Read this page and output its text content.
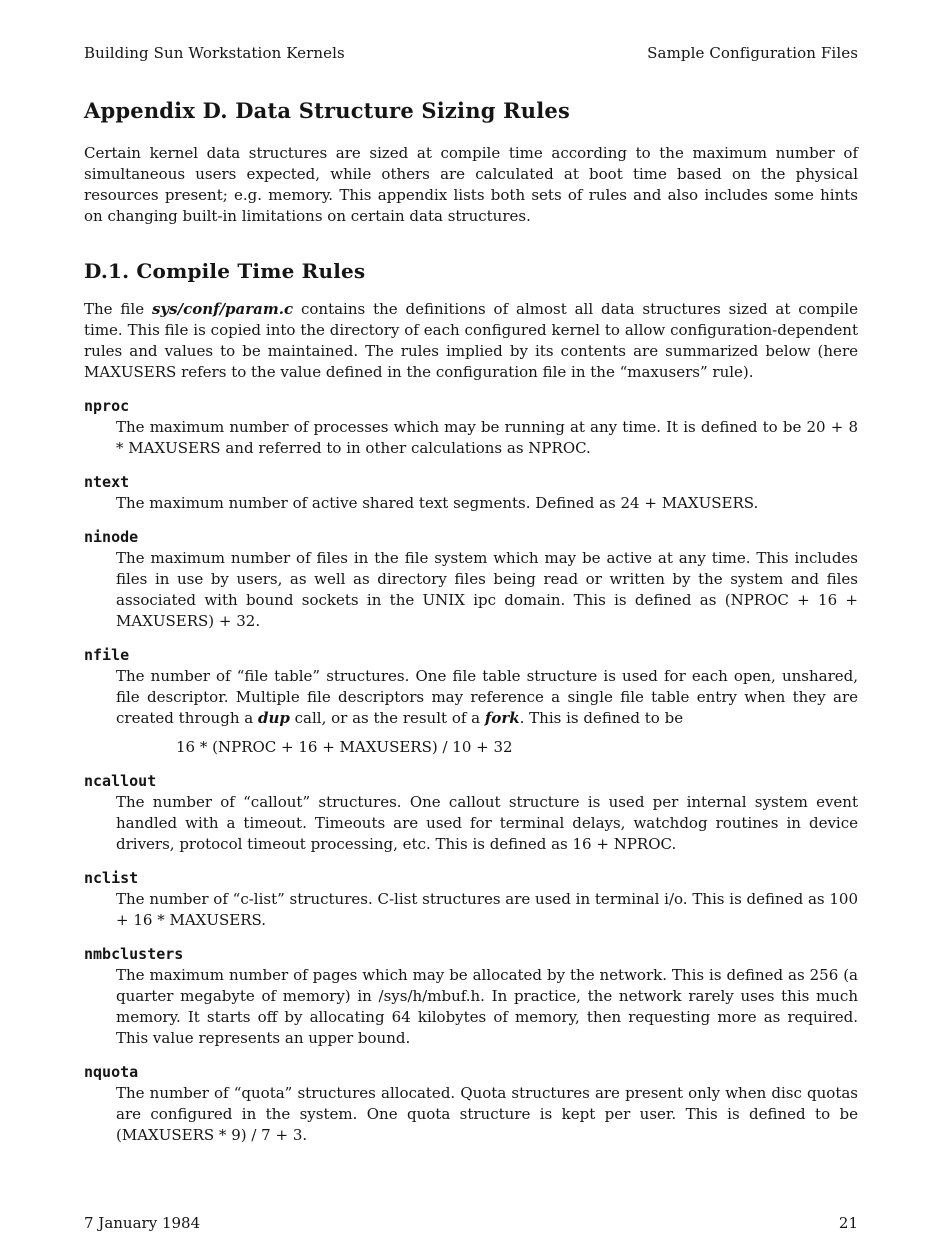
Building Sun Workstation Kernels	Sample Configuration Files
Appendix D. Data Structure Sizing Rules

Certain kernel data structures are sized at compile time according to the maximum number of simultaneous users expected, while others are calculated at boot time based on the physical resources present; e.g. memory. This appendix lists both sets of rules and also includes some hints on changing built-in limitations on certain data structures.

D.1. Compile Time Rules

The file sys/conf/param.c contains the definitions of almost all data structures sized at compile time. This file is copied into the directory of each configured kernel to allow configuration-dependent rules and values to be maintained. The rules implied by its contents are summarized below (here MAXUSERS refers to the value defined in the configuration file in the “maxusers” rule).

nproc

The maximum number of processes which may be running at any time. It is defined to be 20 + 8 * MAXUSERS and referred to in other calculations as NPROC.

ntext

The maximum number of active shared text segments. Defined as 24 + MAXUSERS.

ninode

The maximum number of files in the file system which may be active at any time. This includes files in use by users, as well as directory files being read or written by the system and files associated with bound sockets in the UNIX ipc domain. This is defined as (NPROC + 16 + MAXUSERS) + 32.

nfile

The number of “file table” structures. One file table structure is used for each open, unshared, file descriptor. Multiple file descriptors may reference a single file table entry when they are created through a dup call, or as the result of a fork. This is defined to be

16 * (NPROC + 16 + MAXUSERS) / 10 + 32
ncallout

The number of “callout” structures. One callout structure is used per internal system event handled with a timeout. Timeouts are used for terminal delays, watchdog routines in device drivers, protocol timeout processing, etc. This is defined as 16 + NPROC.

nclist

The number of “c-list” structures. C-list structures are used in terminal i/o. This is defined as 100 + 16 * MAXUSERS.

nmbclusters

The maximum number of pages which may be allocated by the network. This is defined as 256 (a quarter megabyte of memory) in /sys/h/mbuf.h. In practice, the network rarely uses this much memory. It starts off by allocating 64 kilobytes of memory, then requesting more as required. This value represents an upper bound.

nquota

The number of “quota” structures allocated. Quota structures are present only when disc quotas are configured in the system. One quota structure is kept per user. This is defined to be (MAXUSERS * 9) / 7 + 3.

7 January 1984	21
